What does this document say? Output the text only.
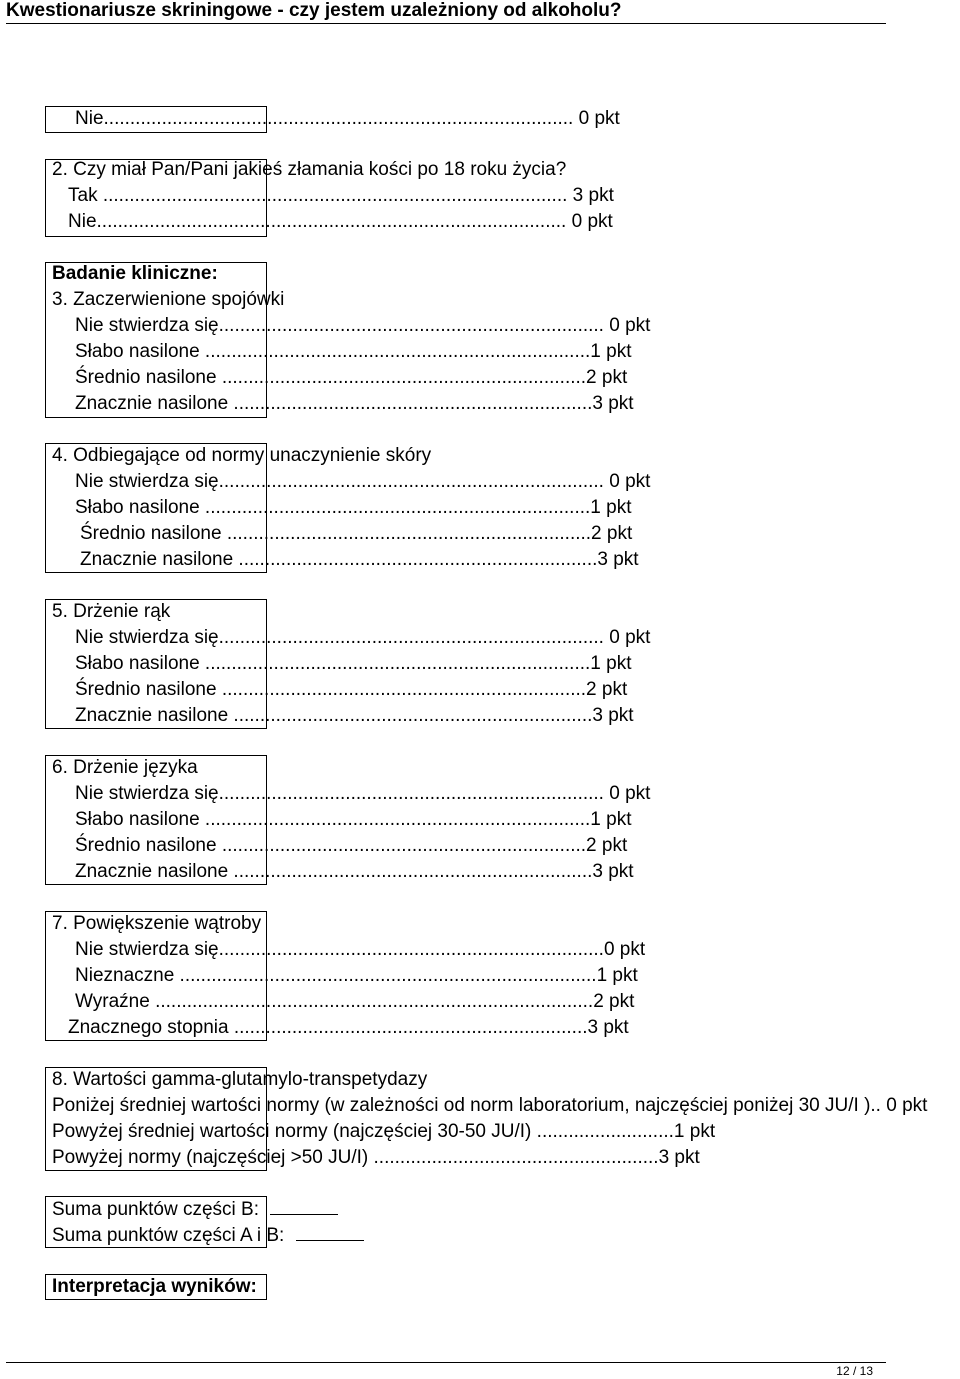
Kwestionariusze skriningowe - czy jestem uzależniony od alkoholu?
Nie......................................................................................... 0 pkt
2. Czy miał Pan/Pani jakieś złamania kości po 18 roku życia?
Tak ........................................................................................ 3 pkt
Nie......................................................................................... 0 pkt
Badanie kliniczne:
3. Zaczerwienione spojówki
Nie stwierdza się......................................................................... 0 pkt
Słabo nasilone .........................................................................1 pkt
Średnio nasilone .....................................................................2 pkt
Znacznie nasilone ....................................................................3 pkt
4. Odbiegające od normy unaczynienie skóry
Nie stwierdza się......................................................................... 0 pkt
Słabo nasilone .........................................................................1 pkt
Średnio nasilone .....................................................................2 pkt
Znacznie nasilone ....................................................................3 pkt
5. Drżenie rąk
Nie stwierdza się......................................................................... 0 pkt
Słabo nasilone .........................................................................1 pkt
Średnio nasilone .....................................................................2 pkt
Znacznie nasilone ....................................................................3 pkt
6. Drżenie języka
Nie stwierdza się......................................................................... 0 pkt
Słabo nasilone .........................................................................1 pkt
Średnio nasilone .....................................................................2 pkt
Znacznie nasilone ....................................................................3 pkt
7. Powiększenie wątroby
Nie stwierdza się.........................................................................0 pkt
Nieznaczne ...............................................................................1 pkt
Wyraźne ...................................................................................2 pkt
Znacznego stopnia ...................................................................3 pkt
8. Wartości gamma-glutamylo-transpetydazy
Poniżej średniej wartości normy (w zależności od norm laboratorium, najczęściej poniżej 30 JU/I ).. 0 pkt
Powyżej średniej wartości normy (najczęściej 30-50 JU/I) ..........................1 pkt
Powyżej normy (najczęściej >50 JU/I) ......................................................3 pkt
Suma punktów części B:
Suma punktów części A i B:
Interpretacja wyników:
12 / 13
